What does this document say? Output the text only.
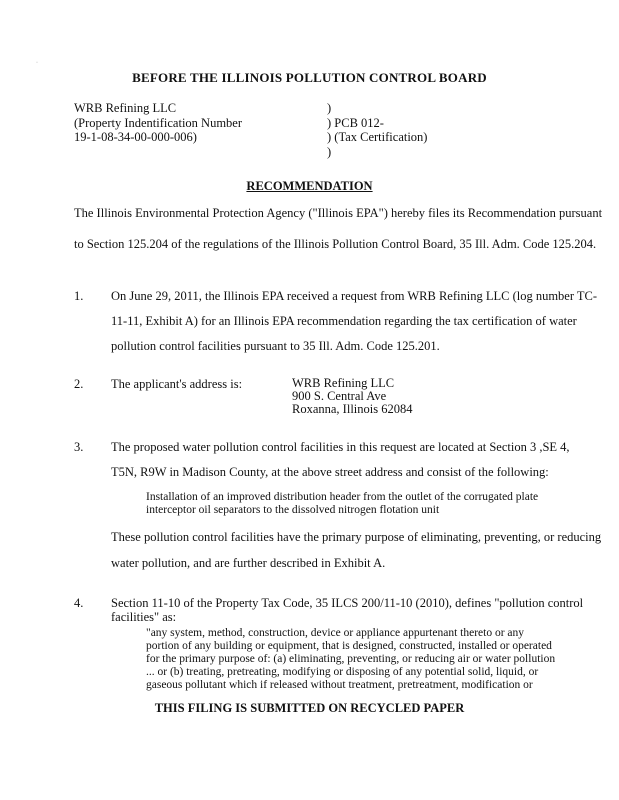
·
BEFORE THE ILLINOIS POLLUTION CONTROL BOARD
WRB Refining LLC
(Property Indentification Number
19-1-08-34-00-000-006)
)
) PCB 012-
) (Tax Certification)
)
RECOMMENDATION

The Illinois Environmental Protection Agency ("Illinois EPA") hereby files its Recommendation pursuant

to Section 125.204 of the regulations of the Illinois Pollution Control Board, 35 Ill. Adm. Code 125.204.

1. On June 29, 2011, the Illinois EPA received a request from WRB Refining LLC (log number TC-

11-11, Exhibit A) for an Illinois EPA recommendation regarding the tax certification of water

pollution control facilities pursuant to 35 Ill. Adm. Code 125.201.

2. The applicant's address is:	WRB Refining LLC
900 S. Central Ave
Roxanna, Illinois 62084
3. The proposed water pollution control facilities in this request are located at Section 3 ,SE 4,

T5N, R9W in Madison County, at the above street address and consist of the following:

Installation of an improved distribution header from the outlet of the corrugated plate

interceptor oil separators to the dissolved nitrogen flotation unit

These pollution control facilities have the primary purpose of eliminating, preventing, or reducing

water pollution, and are further described in Exhibit A.

4. Section 11-10 of the Property Tax Code, 35 ILCS 200/11-10 (2010), defines "pollution control

facilities" as:

"any system, method, construction, device or appliance appurtenant thereto or any

portion of any building or equipment, that is designed, constructed, installed or operated

for the primary purpose of: (a) eliminating, preventing, or reducing air or water pollution

... or (b) treating, pretreating, modifying or disposing of any potential solid, liquid, or

gaseous pollutant which if released without treatment, pretreatment, modification or

THIS FILING IS SUBMITTED ON RECYCLED PAPER
